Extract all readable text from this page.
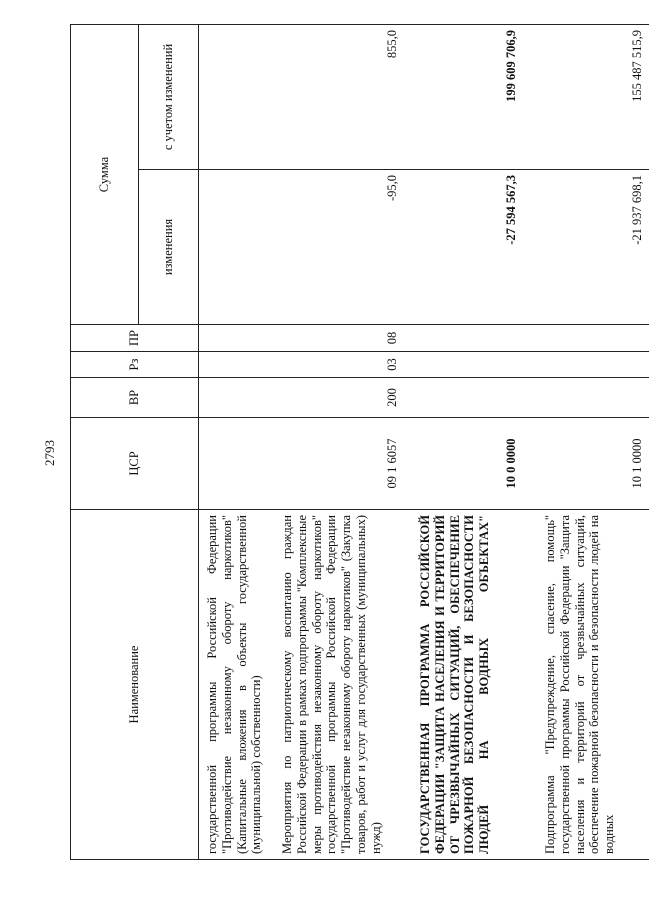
2793
Наименование	ЦСР	ВР	Рз	ПР	Сумма	
					изменения	с учетом изменений
государственной программы Российской Федерации "Противодействие незаконному обороту наркотиков" (Капитальные вложения в объекты государственной (муниципальной) собственности)						
Мероприятия по патриотическому воспитанию граждан Российской Федерации в рамках подпрограммы "Комплексные меры противодействия незаконному обороту наркотиков" государственной программы Российской Федерации "Противодействие незаконному обороту наркотиков" (Закупка товаров, работ и услуг для государственных (муниципальных) нужд)	09 1 6057	200	03	08	-95,0	855,0
ГОСУДАРСТВЕННАЯ ПРОГРАММА РОССИЙСКОЙ ФЕДЕРАЦИИ "ЗАЩИТА НАСЕЛЕНИЯ И ТЕРРИТОРИЙ ОТ ЧРЕЗВЫЧАЙНЫХ СИТУАЦИЙ, ОБЕСПЕЧЕНИЕ ПОЖАРНОЙ БЕЗОПАСНОСТИ И БЕЗОПАСНОСТИ ЛЮДЕЙ НА ВОДНЫХ ОБЪЕКТАХ"	10 0 0000				-27 594 567,3	199 609 706,9
Подпрограмма "Предупреждение, спасение, помощь" государственной программы Российской Федерации "Защита населения и территорий от чрезвычайных ситуаций, обеспечение пожарной безопасности и безопасности людей на водных	10 1 0000				-21 937 698,1	155 487 515,9
